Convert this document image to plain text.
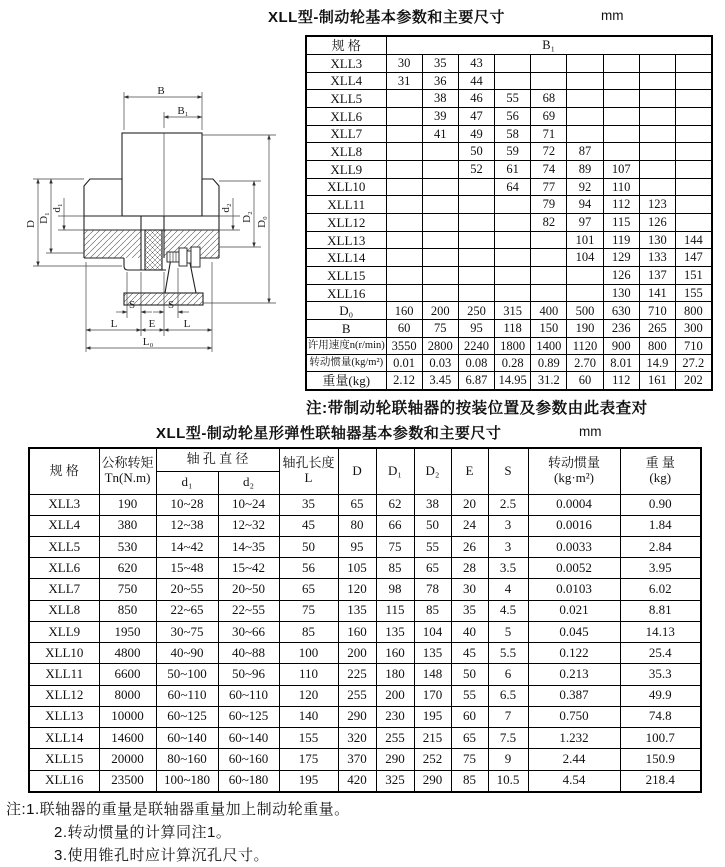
XLL型-制动轮基本参数和主要尺寸	mm
B
B₁
D
D₁
d₁	d₂
D₂ D₀
S	S
L	E	L
L₀
规 格	B₁								
XLL3	30	35	43						
XLL4	31	36	44						
XLL5		38	46	55	68				
XLL6		39	47	56	69				
XLL7		41	49	58	71				
XLL8			50	59	72	87			
XLL9			52	61	74	89	107		
XLL10				64	77	92	110		
XLL11					79	94	112	123	
XLL12					82	97	115	126	
XLL13						101	119	130	144
XLL14						104	129	133	147
XLL15							126	137	151
XLL16							130	141	155
D₀	160	200	250	315	400	500	630	710	800
B	60	75	95	118	150	190	236	265	300
许用速度n(r/min)	3550	2800	2240	1800	1400	1120	900	800	710
转动惯量(kg/m²)	0.01	0.03	0.08	0.28	0.89	2.70	8.01	14.9	27.2
重量(kg)	2.12	3.45	6.87	14.95	31.2	60	112	161	202
注:带制动轮联轴器的按装位置及参数由此表查对
XLL型-制动轮星形弹性联轴器基本参数和主要尺寸	mm
规 格	公称转矩
Tn(N.m)	轴 孔 直 径		轴孔长度
L	D	D₁	D₂	E	S	转动惯量
(kg·m²)	重 量
(kg)

		d₁	d₂								
XLL3	190	10~28	10~24	35	65	62	38	20	2.5	0.0004	0.90
XLL4	380	12~38	12~32	45	80	66	50	24	3	0.0016	1.84
XLL5	530	14~42	14~35	50	95	75	55	26	3	0.0033	2.84
XLL6	620	15~48	15~42	56	105	85	65	28	3.5	0.0052	3.95
XLL7	750	20~55	20~50	65	120	98	78	30	4	0.0103	6.02
XLL8	850	22~65	22~55	75	135	115	85	35	4.5	0.021	8.81
XLL9	1950	30~75	30~66	85	160	135	104	40	5	0.045	14.13
XLL10	4800	40~90	40~88	100	200	160	135	45	5.5	0.122	25.4
XLL11	6600	50~100	50~96	110	225	180	148	50	6	0.213	35.3
XLL12	8000	60~110	60~110	120	255	200	170	55	6.5	0.387	49.9
XLL13	10000	60~125	60~125	140	290	230	195	60	7	0.750	74.8
XLL14	14600	60~140	60~140	155	320	255	215	65	7.5	1.232	100.7
XLL15	20000	80~160	60~160	175	370	290	252	75	9	2.44	150.9
XLL16	23500	100~180	60~180	195	420	325	290	85	10.5	4.54	218.4
注:1.联轴器的重量是联轴器重量加上制动轮重量。
2.转动惯量的计算同注1。
3.使用锥孔时应计算沉孔尺寸。
